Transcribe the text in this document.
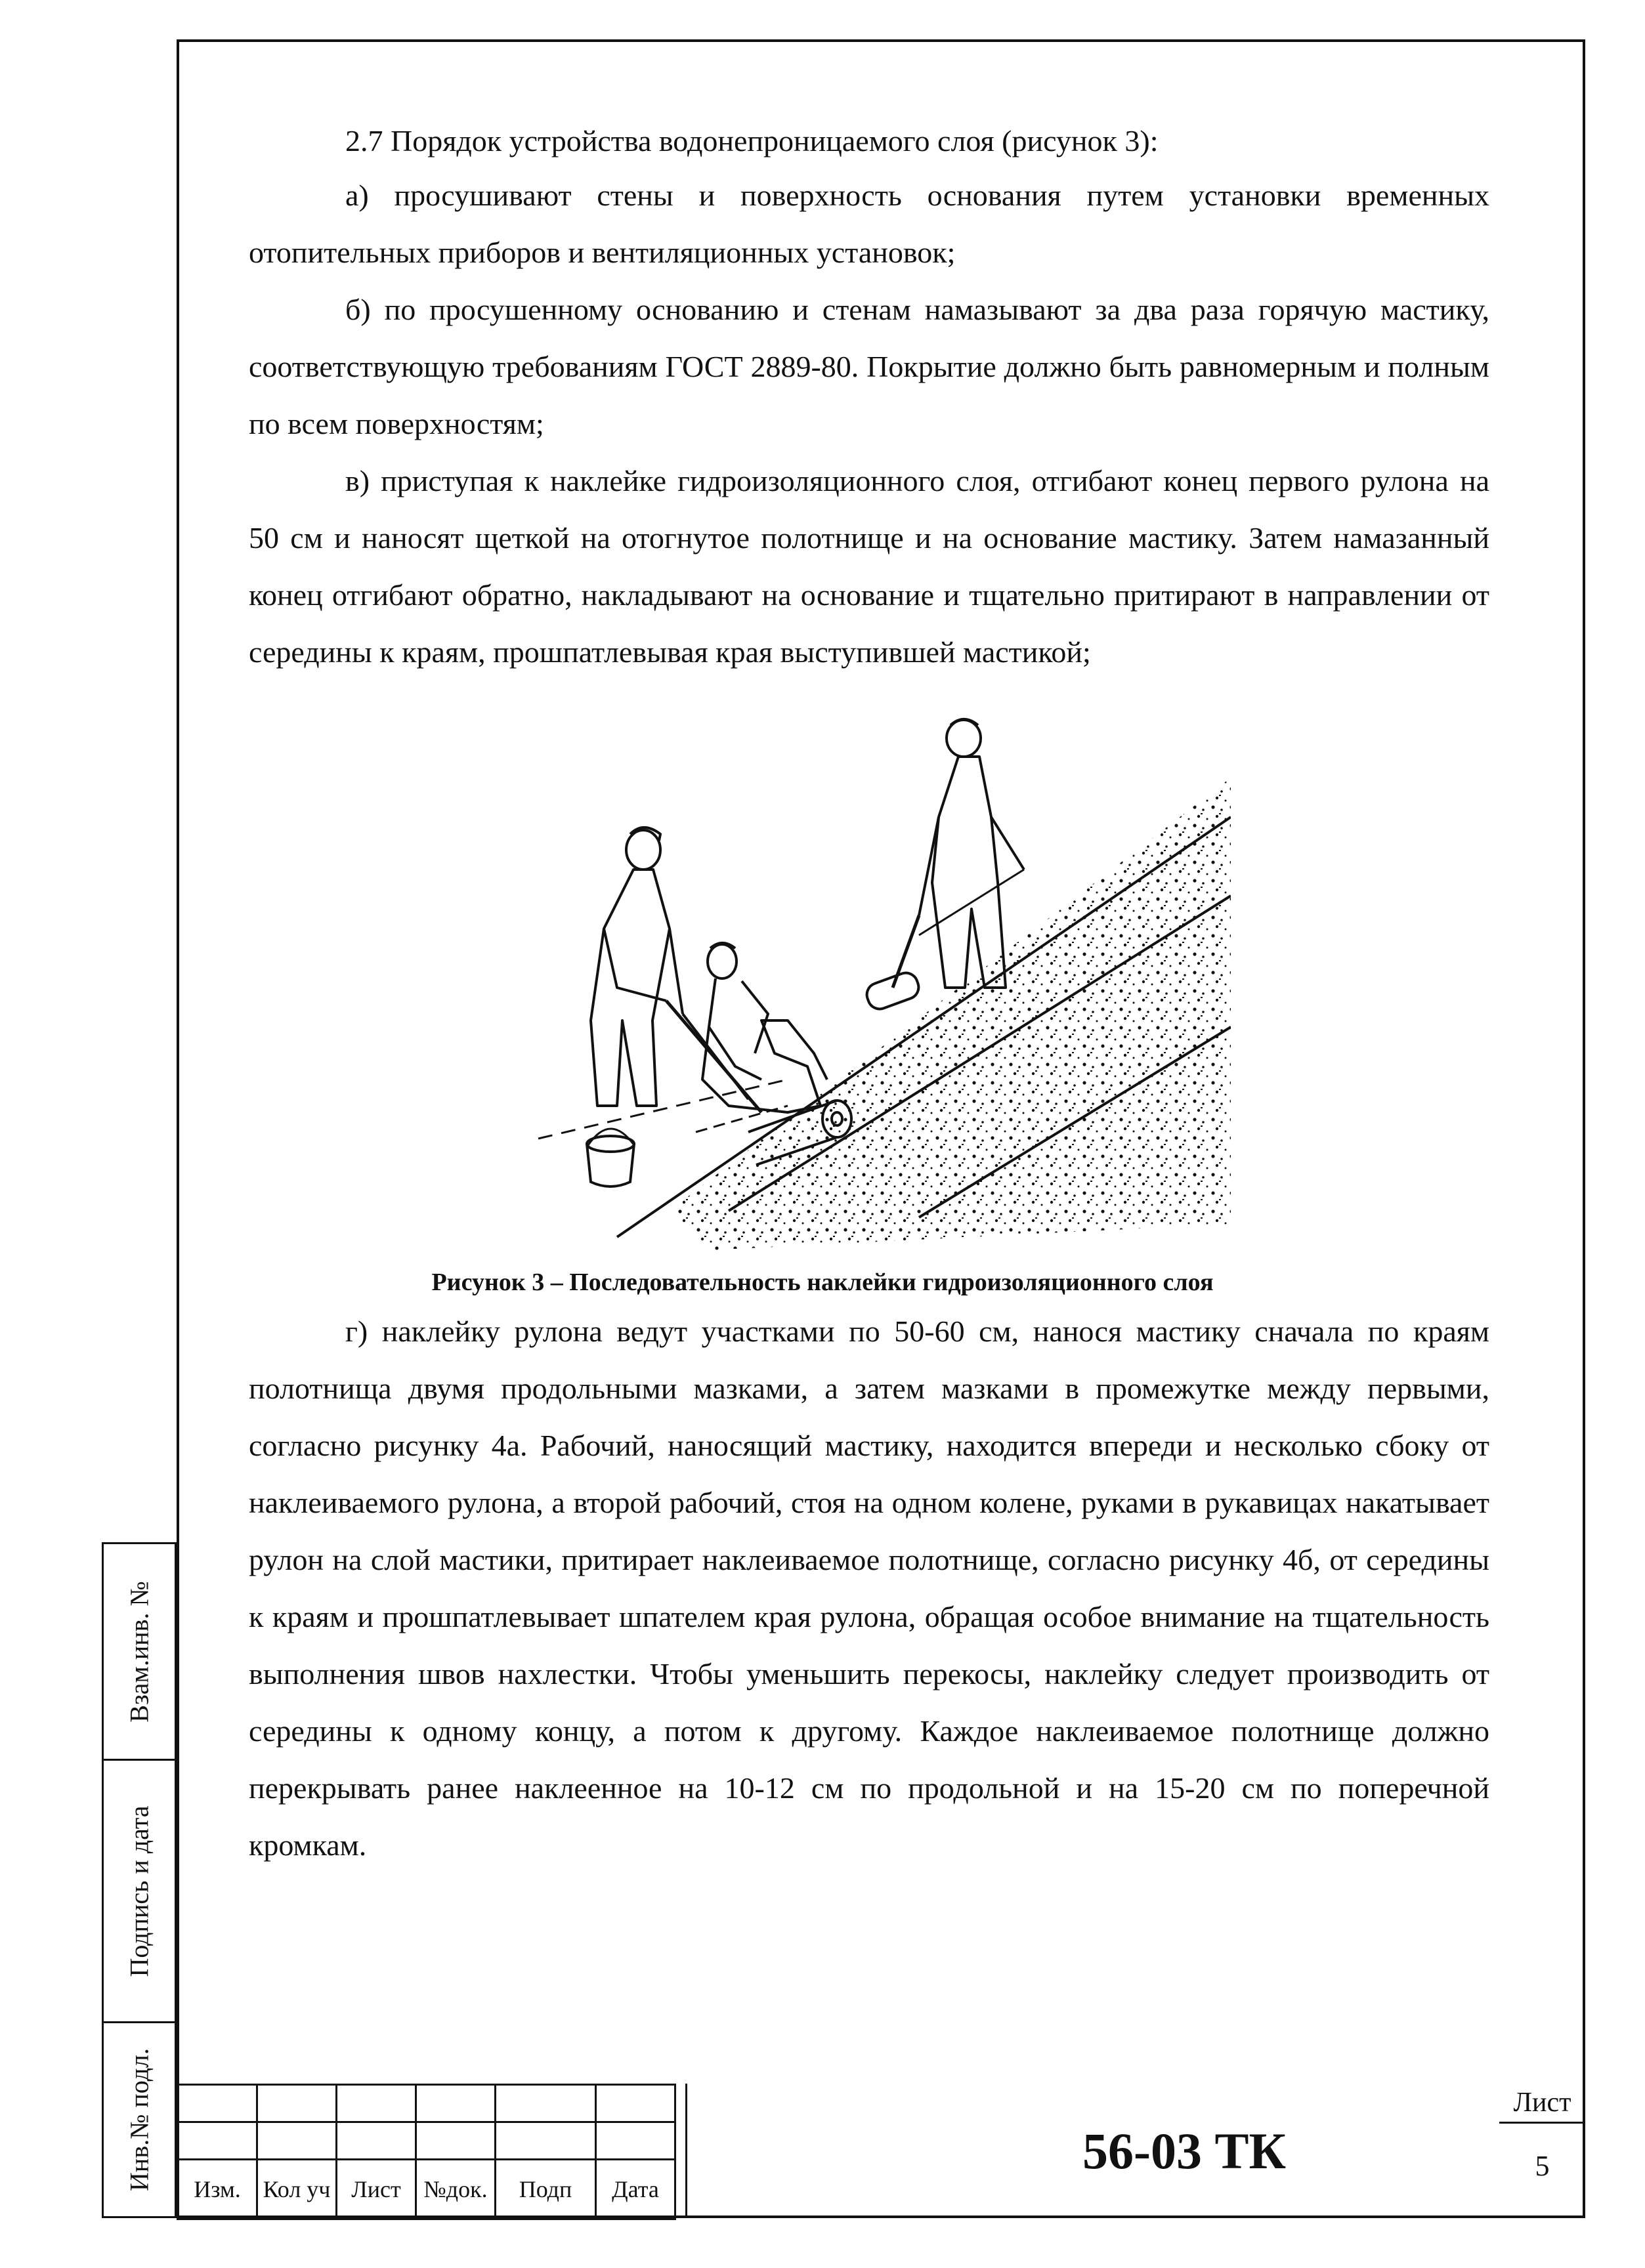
2.7 Порядок устройства водонепроницаемого слоя (рисунок 3):

а) просушивают стены и поверхность основания путем установки временных отопительных приборов и вентиляционных установок;

б) по просушенному основанию и стенам намазывают за два раза горячую мастику, соответствующую требованиям ГОСТ 2889-80. Покрытие должно быть равномерным и полным по всем поверхностям;

в) приступая к наклейке гидроизоляционного слоя, отгибают конец первого рулона на 50 см и наносят щеткой на отогнутое полотнище и на основание мастику. Затем намазанный конец отгибают обратно, накладывают на основание и тщательно притирают в направлении от середины к краям, прошпатлевывая края выступившей мастикой;

Рисунок 3 – Последовательность наклейки гидроизоляционного слоя

г) наклейку рулона ведут участками по 50-60 см, нанося мастику сначала по краям полотнища двумя продольными мазками, а затем мазками в промежутке между первыми, согласно рисунку 4а. Рабочий, наносящий мастику, находится впереди и несколько сбоку от наклеиваемого рулона, а второй рабочий, стоя на одном колене, руками в рукавицах накатывает рулон на слой мастики, притирает наклеиваемое полотнище, согласно рисунку 4б, от середины к краям и прошпатлевывает шпателем края рулона, обращая особое внимание на тщательность выполнения швов нахлестки. Чтобы уменьшить перекосы, наклейку следует производить от середины к одному концу, а потом к другому. Каждое наклеиваемое полотнище должно перекрывать ранее наклеенное на 10-12 см по продольной и на 15-20 см по поперечной кромкам.

Взам.инв. №
Подпись и дата
Инв.№ подл.

					Изм.	Кол уч	Лист	№док.	Подп	Дата
56-03 ТК
Лист
5
